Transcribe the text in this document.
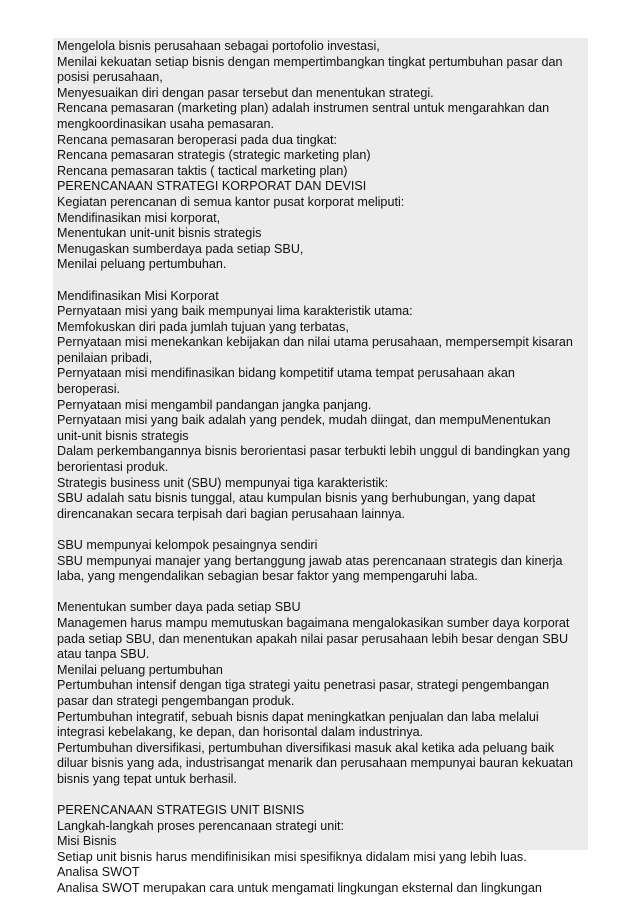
Mengelola bisnis perusahaan sebagai portofolio investasi,
Menilai kekuatan setiap bisnis dengan mempertimbangkan tingkat pertumbuhan pasar dan
posisi perusahaan,
Menyesuaikan diri dengan pasar tersebut dan menentukan strategi.
Rencana pemasaran (marketing plan) adalah instrumen sentral untuk mengarahkan dan
mengkoordinasikan usaha pemasaran.
Rencana pemasaran beroperasi pada dua tingkat:
Rencana pemasaran strategis (strategic marketing plan)
Rencana pemasaran taktis ( tactical marketing plan)
PERENCANAAN STRATEGI KORPORAT DAN DEVISI
Kegiatan perencanan di semua kantor pusat korporat meliputi:
Mendifinasikan misi korporat,
Menentukan unit-unit bisnis strategis
Menugaskan sumberdaya pada setiap SBU,
Menilai peluang pertumbuhan.
Mendifinasikan Misi Korporat
Pernyataan misi yang baik mempunyai lima karakteristik utama:
Memfokuskan diri pada jumlah tujuan yang terbatas,
Pernyataan misi menekankan kebijakan dan nilai utama perusahaan, mempersempit kisaran
penilaian pribadi,
Pernyataan misi mendifinasikan bidang kompetitif utama tempat perusahaan akan
beroperasi.
Pernyataan misi mengambil pandangan jangka panjang.
Pernyataan misi yang baik adalah yang pendek, mudah diingat, dan mempuMenentukan
unit-unit bisnis strategis
Dalam perkembangannya bisnis berorientasi pasar terbukti lebih unggul di bandingkan yang
berorientasi produk.
Strategis business unit (SBU) mempunyai tiga karakteristik:
SBU adalah satu bisnis tunggal, atau kumpulan bisnis yang berhubungan, yang dapat
direncanakan secara terpisah dari bagian perusahaan lainnya.
SBU mempunyai kelompok pesaingnya sendiri
SBU mempunyai manajer yang bertanggung jawab atas perencanaan strategis dan kinerja
laba, yang mengendalikan sebagian besar faktor yang mempengaruhi laba.
Menentukan sumber daya pada setiap SBU
Managemen harus mampu memutuskan bagaimana mengalokasikan sumber daya korporat
pada setiap SBU, dan menentukan apakah nilai pasar perusahaan lebih besar dengan SBU
atau tanpa SBU.
Menilai peluang pertumbuhan
Pertumbuhan intensif dengan tiga strategi yaitu penetrasi pasar, strategi pengembangan
pasar dan strategi pengembangan produk.
Pertumbuhan integratif, sebuah bisnis dapat meningkatkan penjualan dan laba melalui
integrasi kebelakang, ke depan, dan horisontal dalam industrinya.
Pertumbuhan diversifikasi, pertumbuhan diversifikasi masuk akal ketika ada peluang baik
diluar bisnis yang ada, industrisangat menarik dan perusahaan mempunyai bauran kekuatan
bisnis yang tepat untuk berhasil.
PERENCANAAN STRATEGIS UNIT BISNIS
Langkah-langkah proses perencanaan strategi unit:
Misi Bisnis
Setiap unit bisnis harus mendifinisikan misi spesifiknya didalam misi yang lebih luas.
Analisa SWOT
Analisa SWOT merupakan cara untuk mengamati lingkungan eksternal dan lingkungan
